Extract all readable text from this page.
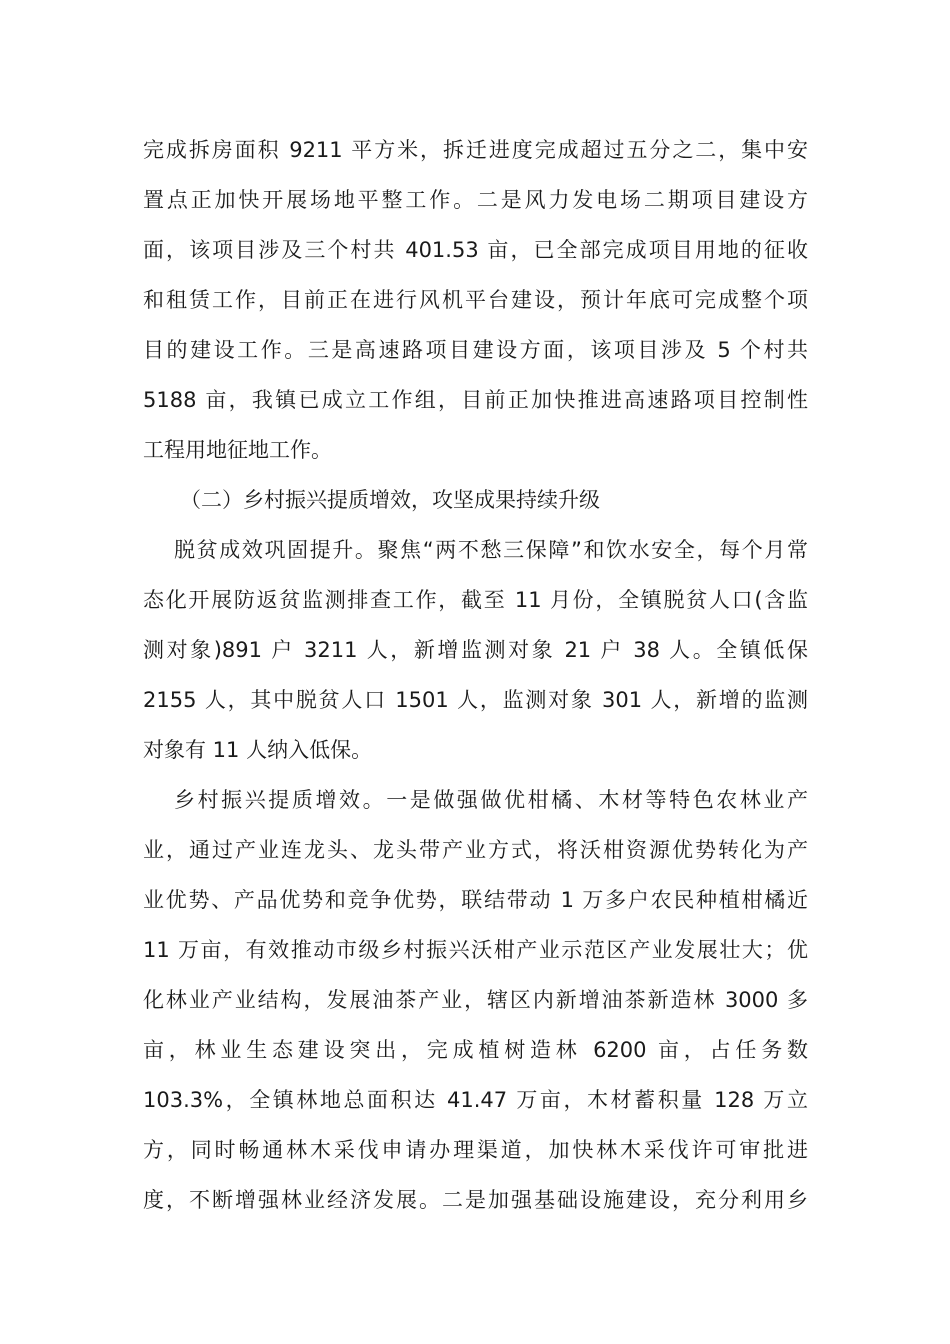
完成拆房面积 9211 平方米，拆迁进度完成超过五分之二，集中安
置点正加快开展场地平整工作。二是风力发电场二期项目建设方
面，该项目涉及三个村共 401.53 亩，已全部完成项目用地的征收
和租赁工作，目前正在进行风机平台建设，预计年底可完成整个项
目的建设工作。三是高速路项目建设方面，该项目涉及 5 个村共
5188 亩，我镇已成立工作组，目前正加快推进高速路项目控制性
工程用地征地工作。
（二）乡村振兴提质增效，攻坚成果持续升级
脱贫成效巩固提升。聚焦“两不愁三保障”和饮水安全，每个月常
态化开展防返贫监测排查工作，截至 11 月份，全镇脱贫人口(含监
测对象)891 户 3211 人，新增监测对象 21 户 38 人。全镇低保
2155 人，其中脱贫人口 1501 人，监测对象 301 人，新增的监测
对象有 11 人纳入低保。
乡村振兴提质增效。一是做强做优柑橘、木材等特色农林业产
业，通过产业连龙头、龙头带产业方式，将沃柑资源优势转化为产
业优势、产品优势和竞争优势，联结带动 1 万多户农民种植柑橘近
11 万亩，有效推动市级乡村振兴沃柑产业示范区产业发展壮大；优
化林业产业结构，发展油茶产业，辖区内新增油茶新造林 3000 多
亩，林业生态建设突出，完成植树造林 6200 亩，占任务数
103.3%，全镇林地总面积达 41.47 万亩，木材蓄积量 128 万立
方，同时畅通林木采伐申请办理渠道，加快林木采伐许可审批进
度，不断增强林业经济发展。二是加强基础设施建设，充分利用乡
